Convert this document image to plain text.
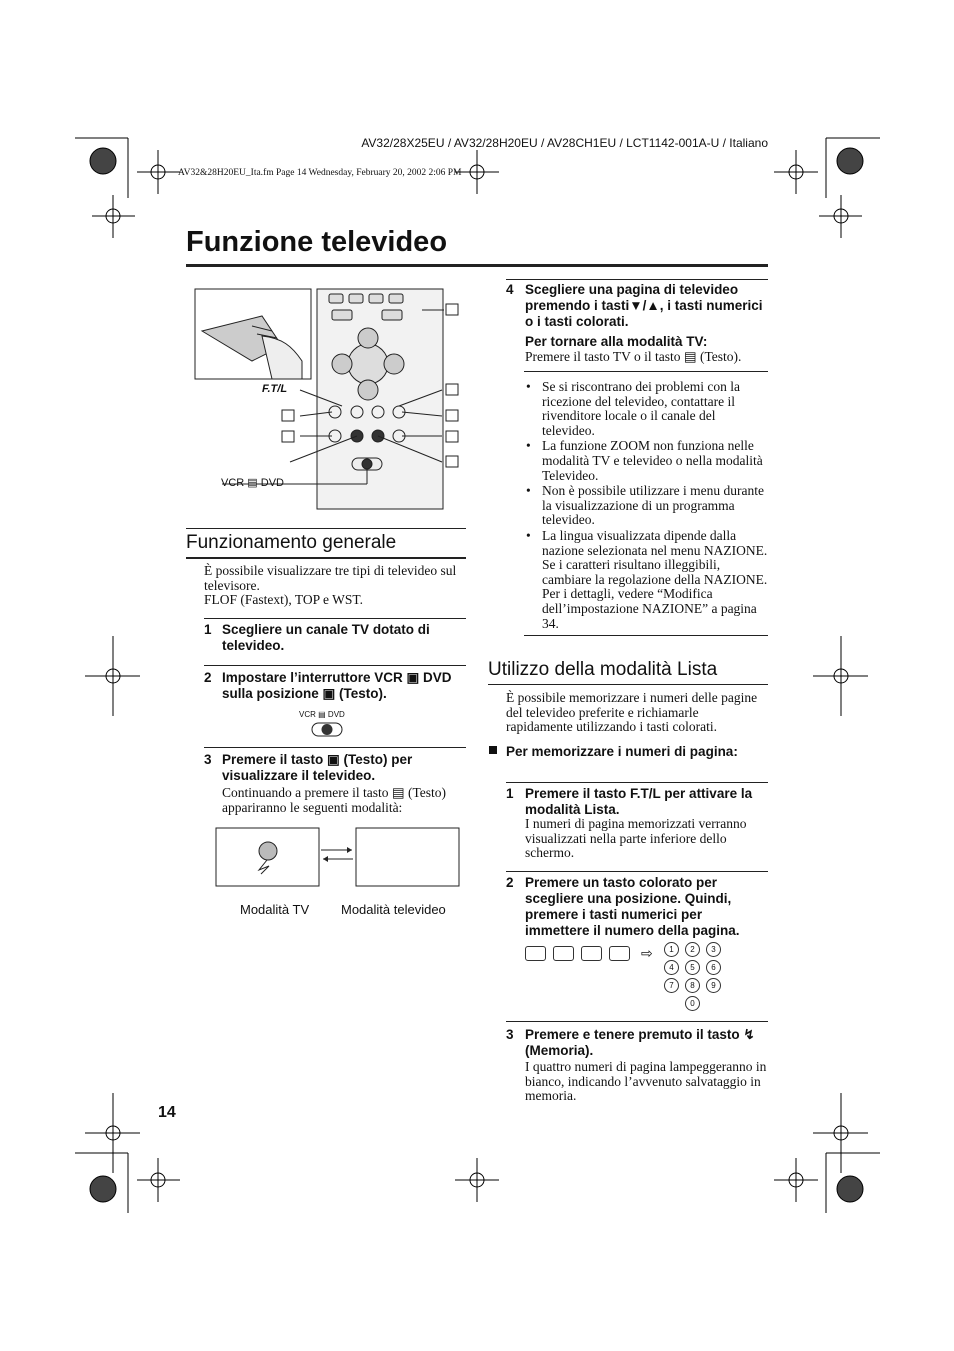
AV32/28X25EU / AV32/28H20EU / AV28CH1EU / LCT1142-001A-U / Italiano
AV32&28H20EU_Ita.fm Page 14 Wednesday, February 20, 2002 2:06 PM
Funzione televideo
F.T/L
VCR ▤ DVD
Funzionamento generale
È possibile visualizzare tre tipi di televideo sul televisore.
FLOF (Fastext), TOP e WST.
1 Scegliere un canale TV dotato di televideo.
2 Impostare l’interruttore VCR ▣ DVD sulla posizione ▣ (Testo).
VCR ▤ DVD
3 Premere il tasto ▣ (Testo) per visualizzare il televideo.
Continuando a premere il tasto ▤ (Testo) appariranno le seguenti modalità:
Modalità TV Modalità televideo
4 Scegliere una pagina di televideo premendo i tasti▼/▲, i tasti numerici o i tasti colorati.
Per tornare alla modalità TV:
Premere il tasto TV o il tasto ▤ (Testo).
• Se si riscontrano dei problemi con la ricezione del televideo, contattare il rivenditore locale o il canale del televideo.
• La funzione ZOOM non funziona nelle modalità TV e televideo o nella modalità Televideo.
• Non è possibile utilizzare i menu durante la visualizzazione di un programma televideo.
• La lingua visualizzata dipende dalla nazione selezionata nel menu NAZIONE. Se i caratteri risultano illeggibili, cambiare la regolazione della NAZIONE. Per i dettagli, vedere “Modifica dell’impostazione NAZIONE” a pagina 34.
Utilizzo della modalità Lista
È possibile memorizzare i numeri delle pagine del televideo preferite e richiamarle rapidamente utilizzando i tasti colorati.
Per memorizzare i numeri di pagina:
1 Premere il tasto F.T/L per attivare la modalità Lista.
I numeri di pagina memorizzati verranno visualizzati nella parte inferiore dello schermo.
2 Premere un tasto colorato per scegliere una posizione. Quindi, premere i tasti numerici per immettere il numero della pagina.
⇨	1	2	3
4	5	6
7	8	9
0
3 Premere e tenere premuto il tasto ↯ (Memoria).
I quattro numeri di pagina lampeggeranno in bianco, indicando l’avvenuto salvataggio in memoria.
14
